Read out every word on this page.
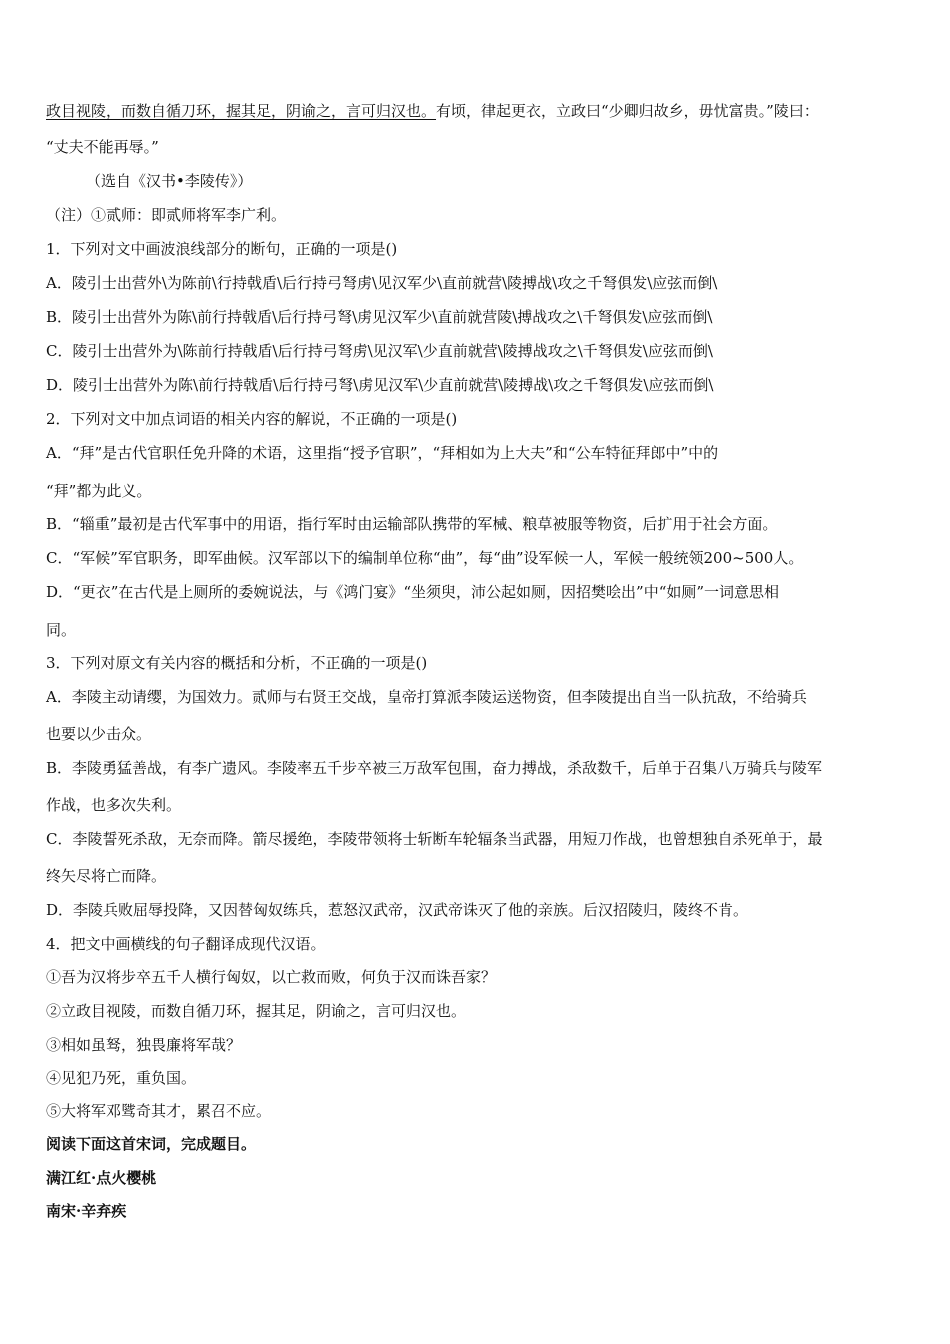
政目视陵，而数自循刀环，握其足，阴谕之，言可归汉也。有顷，律起更衣，立政曰“少卿归故乡，毋忧富贵。”陵曰：
“丈夫不能再辱。”
（选自《汉书•李陵传》）
（注）①贰师：即贰师将军李广利。
1．下列对文中画波浪线部分的断句，正确的一项是()
A．陵引士出营外\为陈前\行持戟盾\后行持弓弩虏\见汉军少\直前就营\陵搏战\攻之千弩俱发\应弦而倒\
B．陵引士出营外为陈\前行持戟盾\后行持弓弩\虏见汉军少\直前就营陵\搏战攻之\千弩俱发\应弦而倒\
C．陵引士出营外为\陈前行持戟盾\后行持弓弩虏\见汉军\少直前就营\陵搏战攻之\千弩俱发\应弦而倒\
D．陵引士出营外为陈\前行持戟盾\后行持弓弩\虏见汉军\少直前就营\陵搏战\攻之千弩俱发\应弦而倒\
2．下列对文中加点词语的相关内容的解说，不正确的一项是()
A．“拜”是古代官职任免升降的术语，这里指“授予官职”，“拜相如为上大夫”和“公车特征拜郎中”中的
“拜”都为此义。
B．“辎重”最初是古代军事中的用语，指行军时由运输部队携带的军械、粮草被服等物资，后扩用于社会方面。
C．“军候”军官职务，即军曲候。汉军部以下的编制单位称“曲”，每“曲”设军候一人，军候一般统领200~500人。
D．“更衣”在古代是上厕所的委婉说法，与《鸿门宴》“坐须臾，沛公起如厕，因招樊哙出”中“如厕”一词意思相
同。
3．下列对原文有关内容的概括和分析，不正确的一项是()
A．李陵主动请缨，为国效力。贰师与右贤王交战，皇帝打算派李陵运送物资，但李陵提出自当一队抗敌，不给骑兵
也要以少击众。
B．李陵勇猛善战，有李广遗风。李陵率五千步卒被三万敌军包围，奋力搏战，杀敌数千，后单于召集八万骑兵与陵军
作战，也多次失利。
C．李陵誓死杀敌，无奈而降。箭尽援绝，李陵带领将士斩断车轮辐条当武器，用短刀作战，也曾想独自杀死单于，最
终矢尽将亡而降。
D．李陵兵败屈辱投降，又因替匈奴练兵，惹怒汉武帝，汉武帝诛灭了他的亲族。后汉招陵归，陵终不肯。
4．把文中画横线的句子翻译成现代汉语。
①吾为汉将步卒五千人横行匈奴，以亡救而败，何负于汉而诛吾家？
②立政目视陵，而数自循刀环，握其足，阴谕之，言可归汉也。
③相如虽驽，独畏廉将军哉？
④见犯乃死，重负国。
⑤大将军邓骘奇其才，累召不应。
阅读下面这首宋词，完成题目。
满江红·点火樱桃
南宋·辛弃疾
